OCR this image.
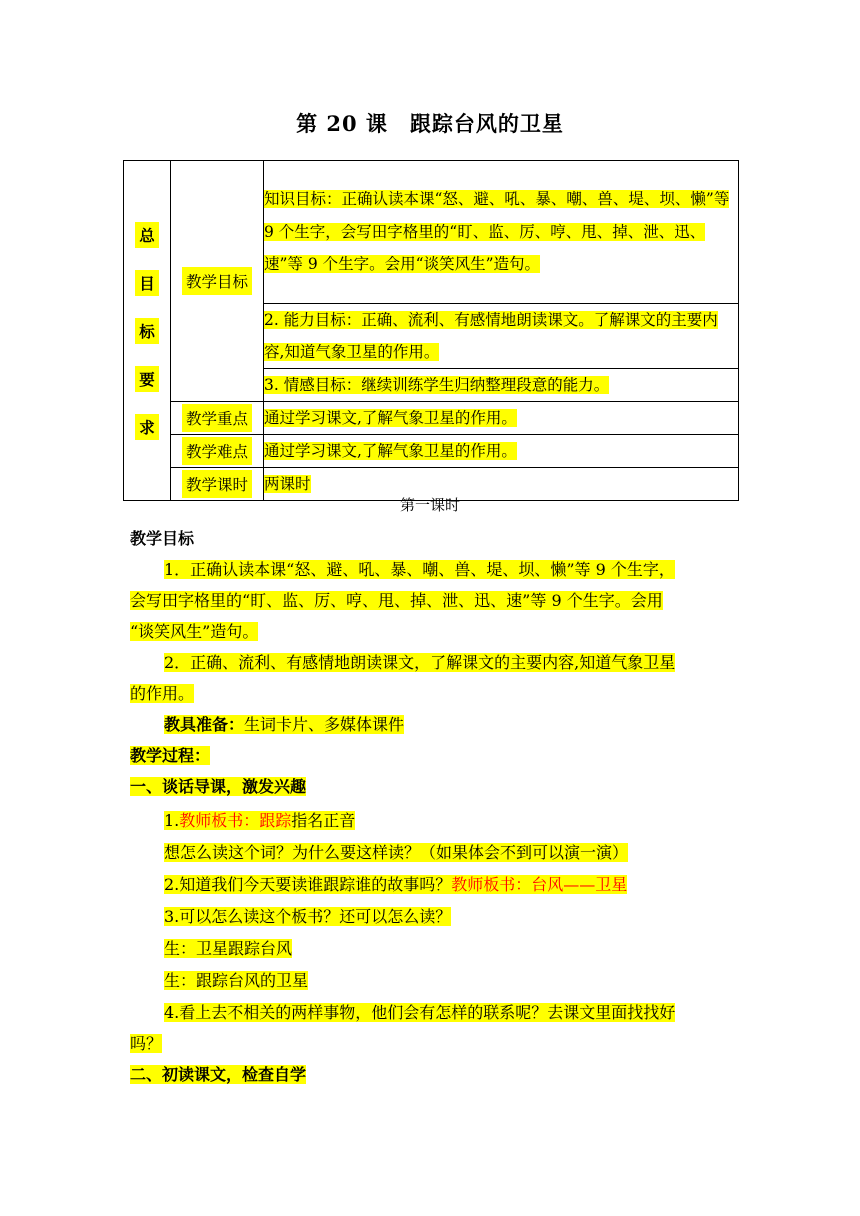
第 20 课　跟踪台风的卫星
总
目
标
要
求	教学目标	知识目标：正确认读本课“怒、避、吼、暴、嘲、兽、堤、坝、懒”等 9 个生字，会写田字格里的“盯、监、厉、哼、甩、掉、泄、迅、速”等 9 个生字。会用“谈笑风生”造句。
		2. 能力目标：正确、流利、有感情地朗读课文。了解课文的主要内容,知道气象卫星的作用。
		3. 情感目标：继续训练学生归纳整理段意的能力。
	教学重点	通过学习课文,了解气象卫星的作用。
	教学难点	通过学习课文,了解气象卫星的作用。
	教学课时	两课时
第一课时
教学目标
1．正确认读本课“怒、避、吼、暴、嘲、兽、堤、坝、懒”等 9 个生字，
会写田字格里的“盯、监、厉、哼、甩、掉、泄、迅、速”等 9 个生字。会用
“谈笑风生”造句。
2．正确、流利、有感情地朗读课文，了解课文的主要内容,知道气象卫星
的作用。
教具准备：生词卡片、多媒体课件
教学过程：
一、谈话导课，激发兴趣
1.教师板书：跟踪指名正音
想怎么读这个词？为什么要这样读？（如果体会不到可以演一演）
2.知道我们今天要读谁跟踪谁的故事吗？教师板书：台风——卫星
3.可以怎么读这个板书？还可以怎么读？
生：卫星跟踪台风
生：跟踪台风的卫星
4.看上去不相关的两样事物，他们会有怎样的联系呢？去课文里面找找好
吗？
二、初读课文，检查自学
